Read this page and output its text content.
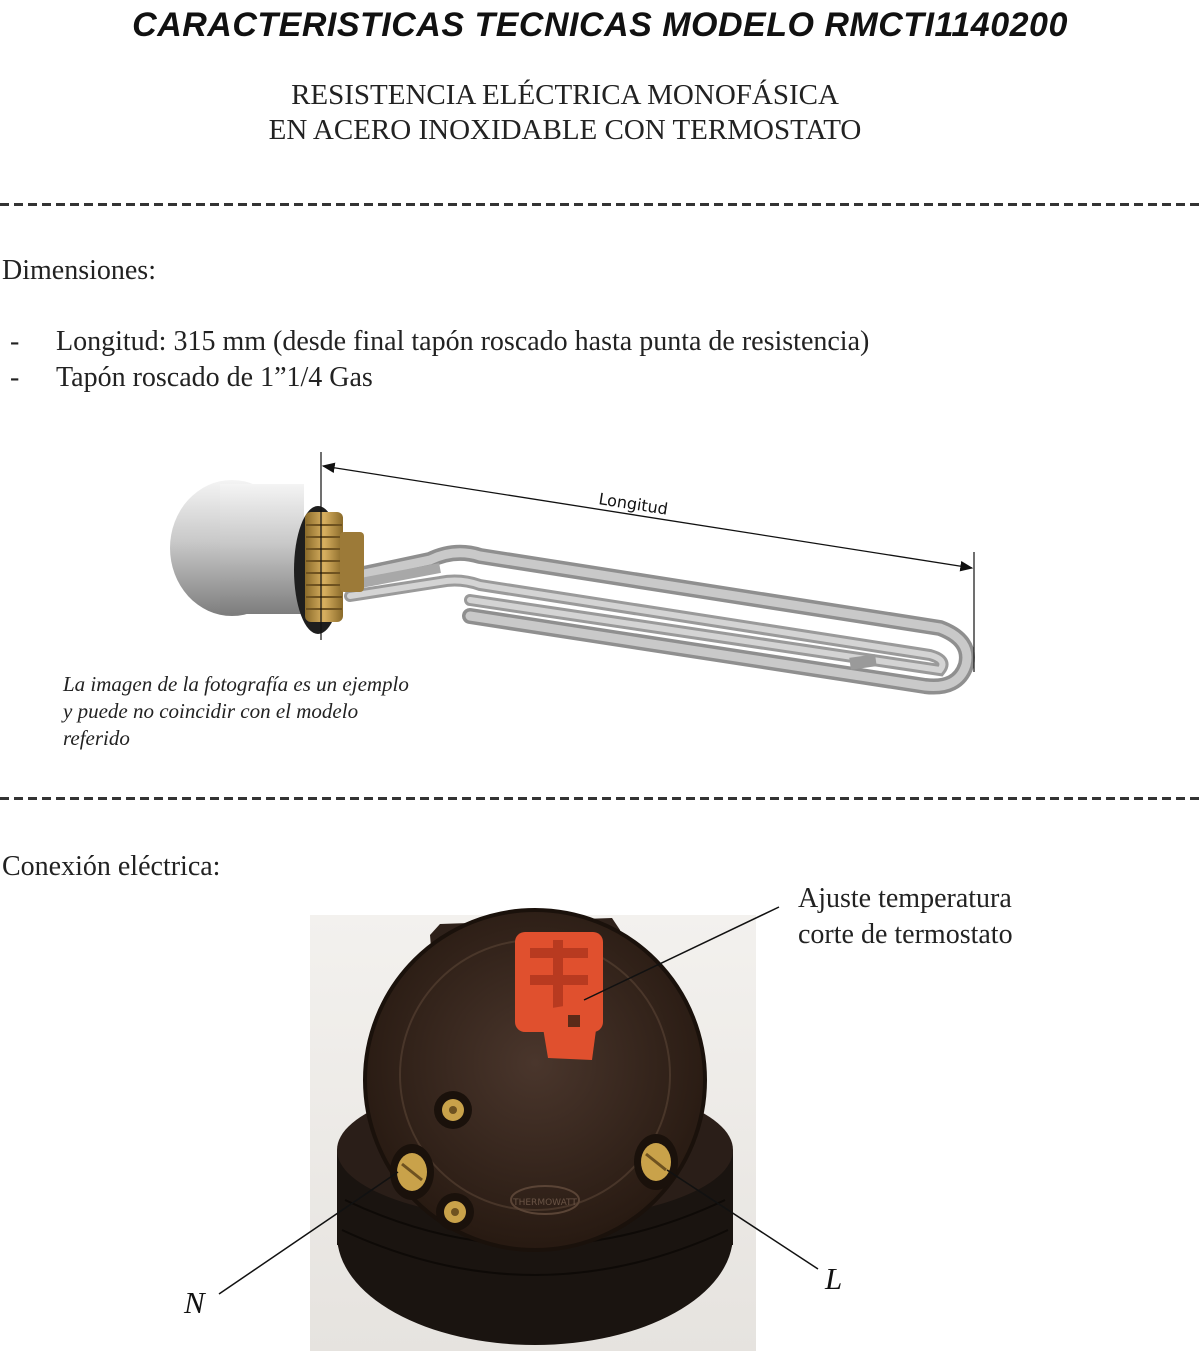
CARACTERISTICAS TECNICAS MODELO RMCTI1140200
RESISTENCIA ELÉCTRICA MONOFÁSICA
EN ACERO INOXIDABLE CON TERMOSTATO
Dimensiones:
- Longitud: 315 mm (desde final tapón roscado hasta punta de resistencia)
- Tapón roscado de 1”1/4 Gas
Longitud
THERMOWATT
La imagen de la fotografía es un ejemplo y puede no coincidir con el modelo referido
Conexión eléctrica:
Ajuste temperatura
corte de termostato
N
L
